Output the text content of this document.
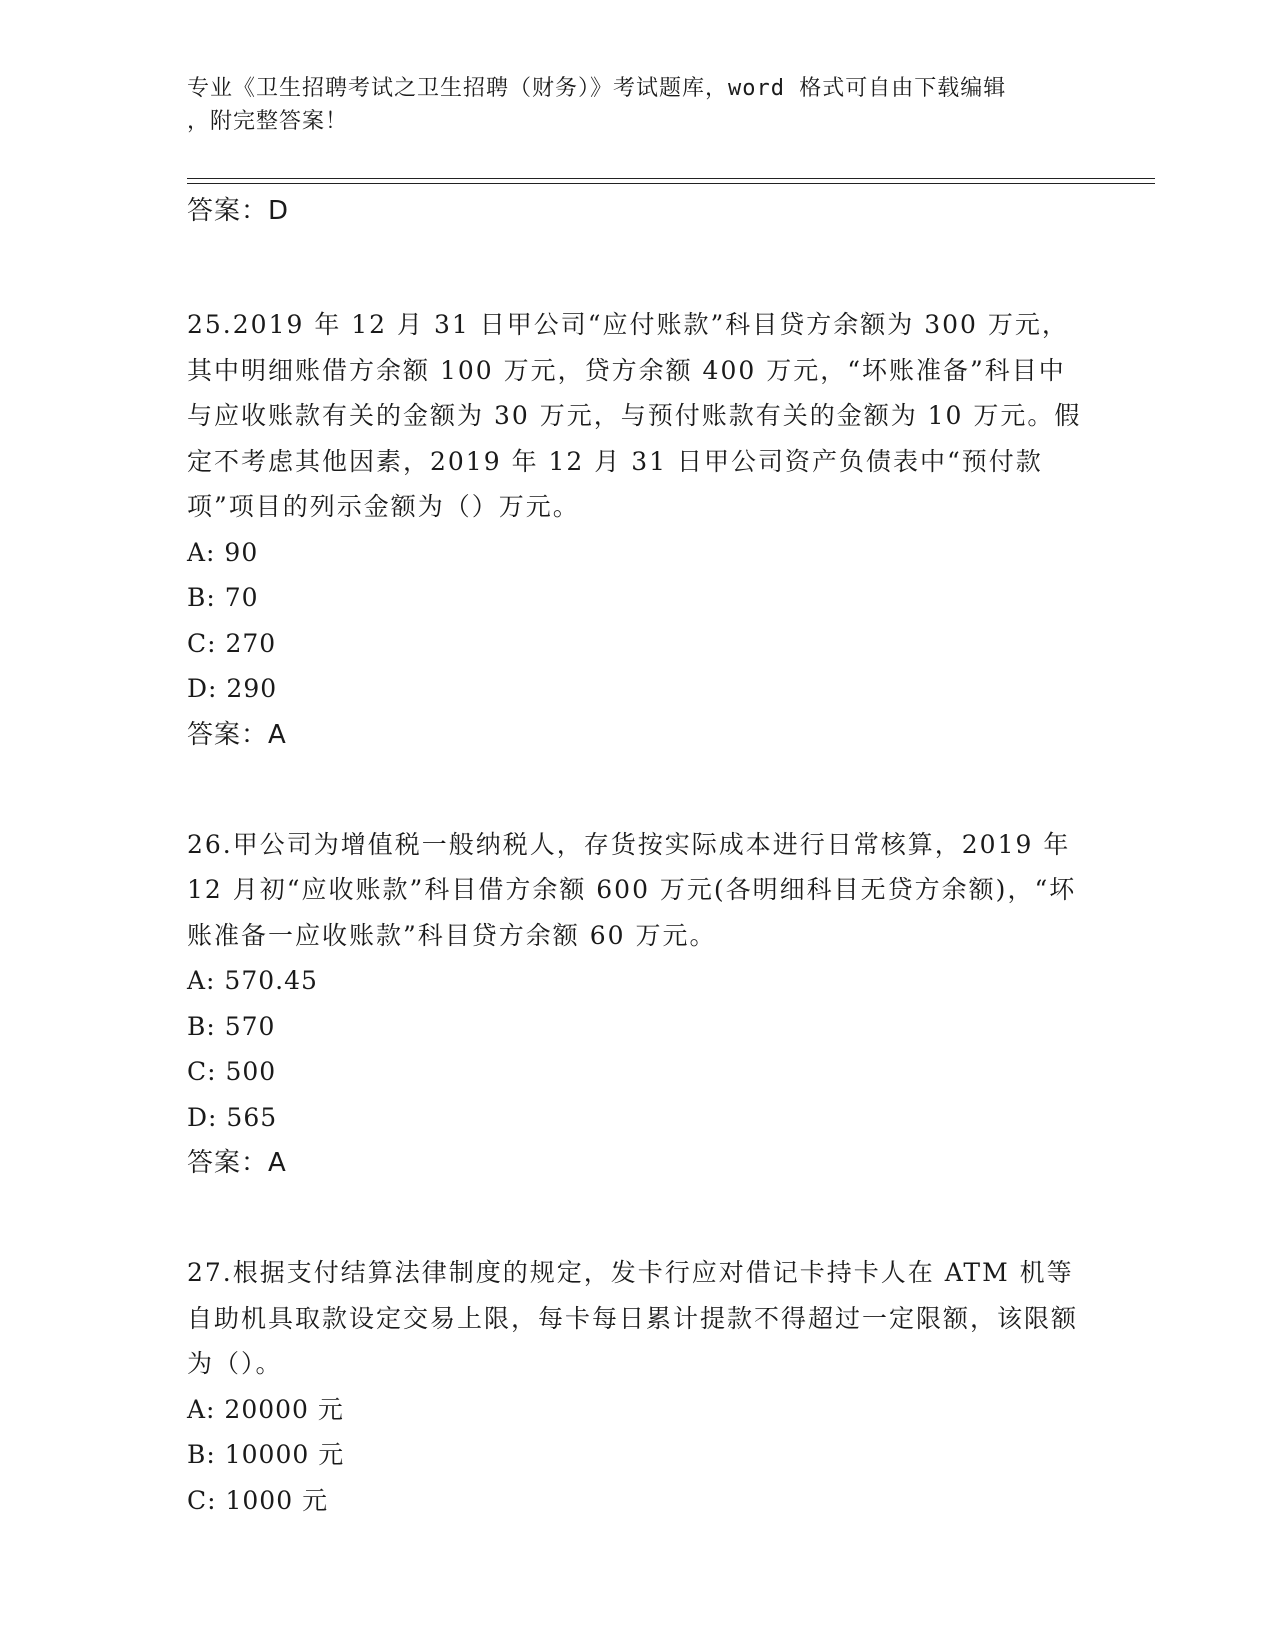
专业《卫生招聘考试之卫生招聘（财务）》考试题库，word 格式可自由下载编辑
，附完整答案！

答案：D

25.2019 年 12 月 31 日甲公司“应付账款”科目贷方余额为 300 万元，其中明细账借方余额 100 万元，贷方余额 400 万元，“坏账准备”科目中与应收账款有关的金额为 30 万元，与预付账款有关的金额为 10 万元。假定不考虑其他因素，2019 年 12 月 31 日甲公司资产负债表中“预付款项”项目的列示金额为（）万元。

A: 90

B: 70

C: 270

D: 290

答案：A

26.甲公司为增值税一般纳税人，存货按实际成本进行日常核算，2019 年 12 月初“应收账款”科目借方余额 600 万元(各明细科目无贷方余额)，“坏账准备一应收账款”科目贷方余额 60 万元。

A: 570.45

B: 570

C: 500

D: 565

答案：A

27.根据支付结算法律制度的规定，发卡行应对借记卡持卡人在 ATM 机等自助机具取款设定交易上限，每卡每日累计提款不得超过一定限额，该限额为（）。

A: 20000 元

B: 10000 元

C: 1000 元
